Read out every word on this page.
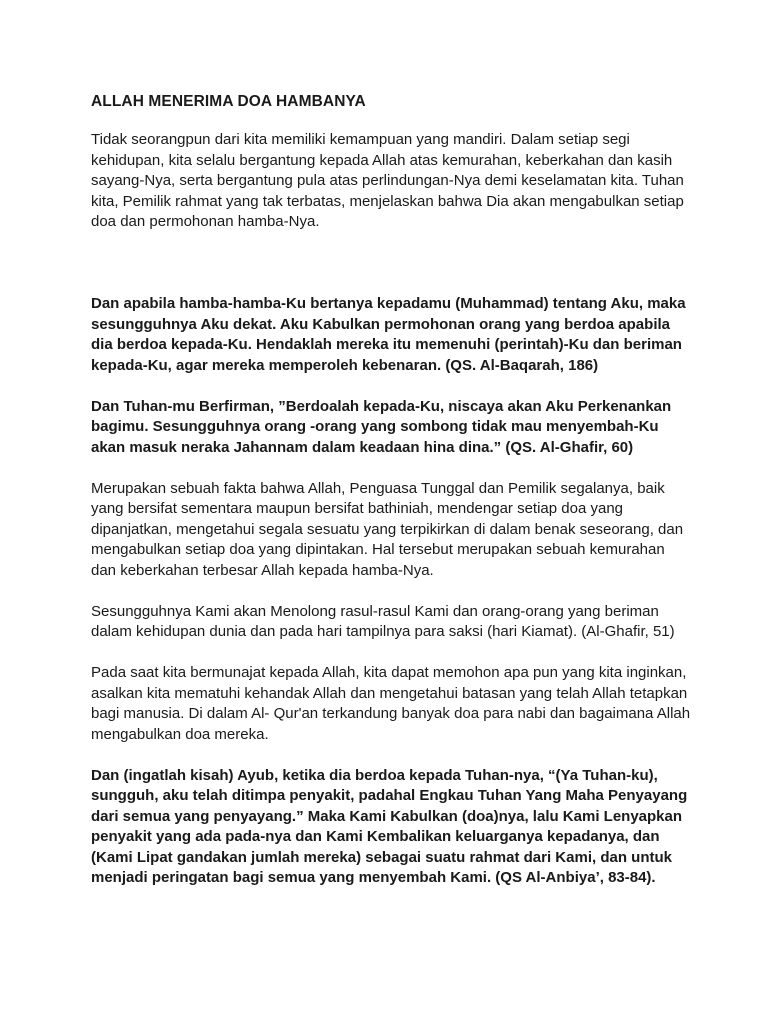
ALLAH MENERIMA DOA HAMBANYA

Tidak seorangpun dari kita memiliki kemampuan yang mandiri. Dalam setiap segi kehidupan, kita selalu bergantung kepada Allah atas kemurahan, keberkahan dan kasih sayang-Nya, serta bergantung pula atas perlindungan-Nya demi keselamatan kita. Tuhan kita, Pemilik rahmat yang tak terbatas, menjelaskan bahwa Dia akan mengabulkan setiap doa dan permohonan hamba-Nya.

Dan apabila hamba-hamba-Ku bertanya kepadamu (Muhammad) tentang Aku, maka sesungguhnya Aku dekat. Aku Kabulkan permohonan orang yang berdoa apabila dia berdoa kepada-Ku. Hendaklah mereka itu memenuhi (perintah)-Ku dan beriman kepada-Ku, agar mereka memperoleh kebenaran. (QS. Al-Baqarah, 186)

Dan Tuhan-mu Berfirman, ”Berdoalah kepada-Ku, niscaya akan Aku Perkenankan bagimu. Sesungguhnya orang -orang yang sombong tidak mau menyembah-Ku akan masuk neraka Jahannam dalam keadaan hina dina.” (QS. Al-Ghafir, 60)

Merupakan sebuah fakta bahwa Allah, Penguasa Tunggal dan Pemilik segalanya, baik yang bersifat sementara maupun bersifat bathiniah, mendengar setiap doa yang dipanjatkan, mengetahui segala sesuatu yang terpikirkan di dalam benak seseorang, dan mengabulkan setiap doa yang dipintakan. Hal tersebut merupakan sebuah kemurahan dan keberkahan terbesar Allah kepada hamba-Nya.

Sesungguhnya Kami akan Menolong rasul-rasul Kami dan orang-orang yang beriman dalam kehidupan dunia dan pada hari tampilnya para saksi (hari Kiamat). (Al-Ghafir, 51)

Pada saat kita bermunajat kepada Allah, kita dapat memohon apa pun yang kita inginkan, asalkan kita mematuhi kehandak Allah dan mengetahui batasan yang telah Allah tetapkan bagi manusia. Di dalam Al- Qur'an terkandung banyak doa para nabi dan bagaimana Allah mengabulkan doa mereka.

Dan (ingatlah kisah) Ayub, ketika dia berdoa kepada Tuhan-nya, “(Ya Tuhan-ku), sungguh, aku telah ditimpa penyakit, padahal Engkau Tuhan Yang Maha Penyayang dari semua yang penyayang.” Maka Kami Kabulkan (doa)nya, lalu Kami Lenyapkan penyakit yang ada pada-nya dan Kami Kembalikan keluarganya kepadanya, dan (Kami Lipat gandakan jumlah mereka) sebagai suatu rahmat dari Kami, dan untuk menjadi peringatan bagi semua yang menyembah Kami. (QS Al-Anbiya’, 83-84).
